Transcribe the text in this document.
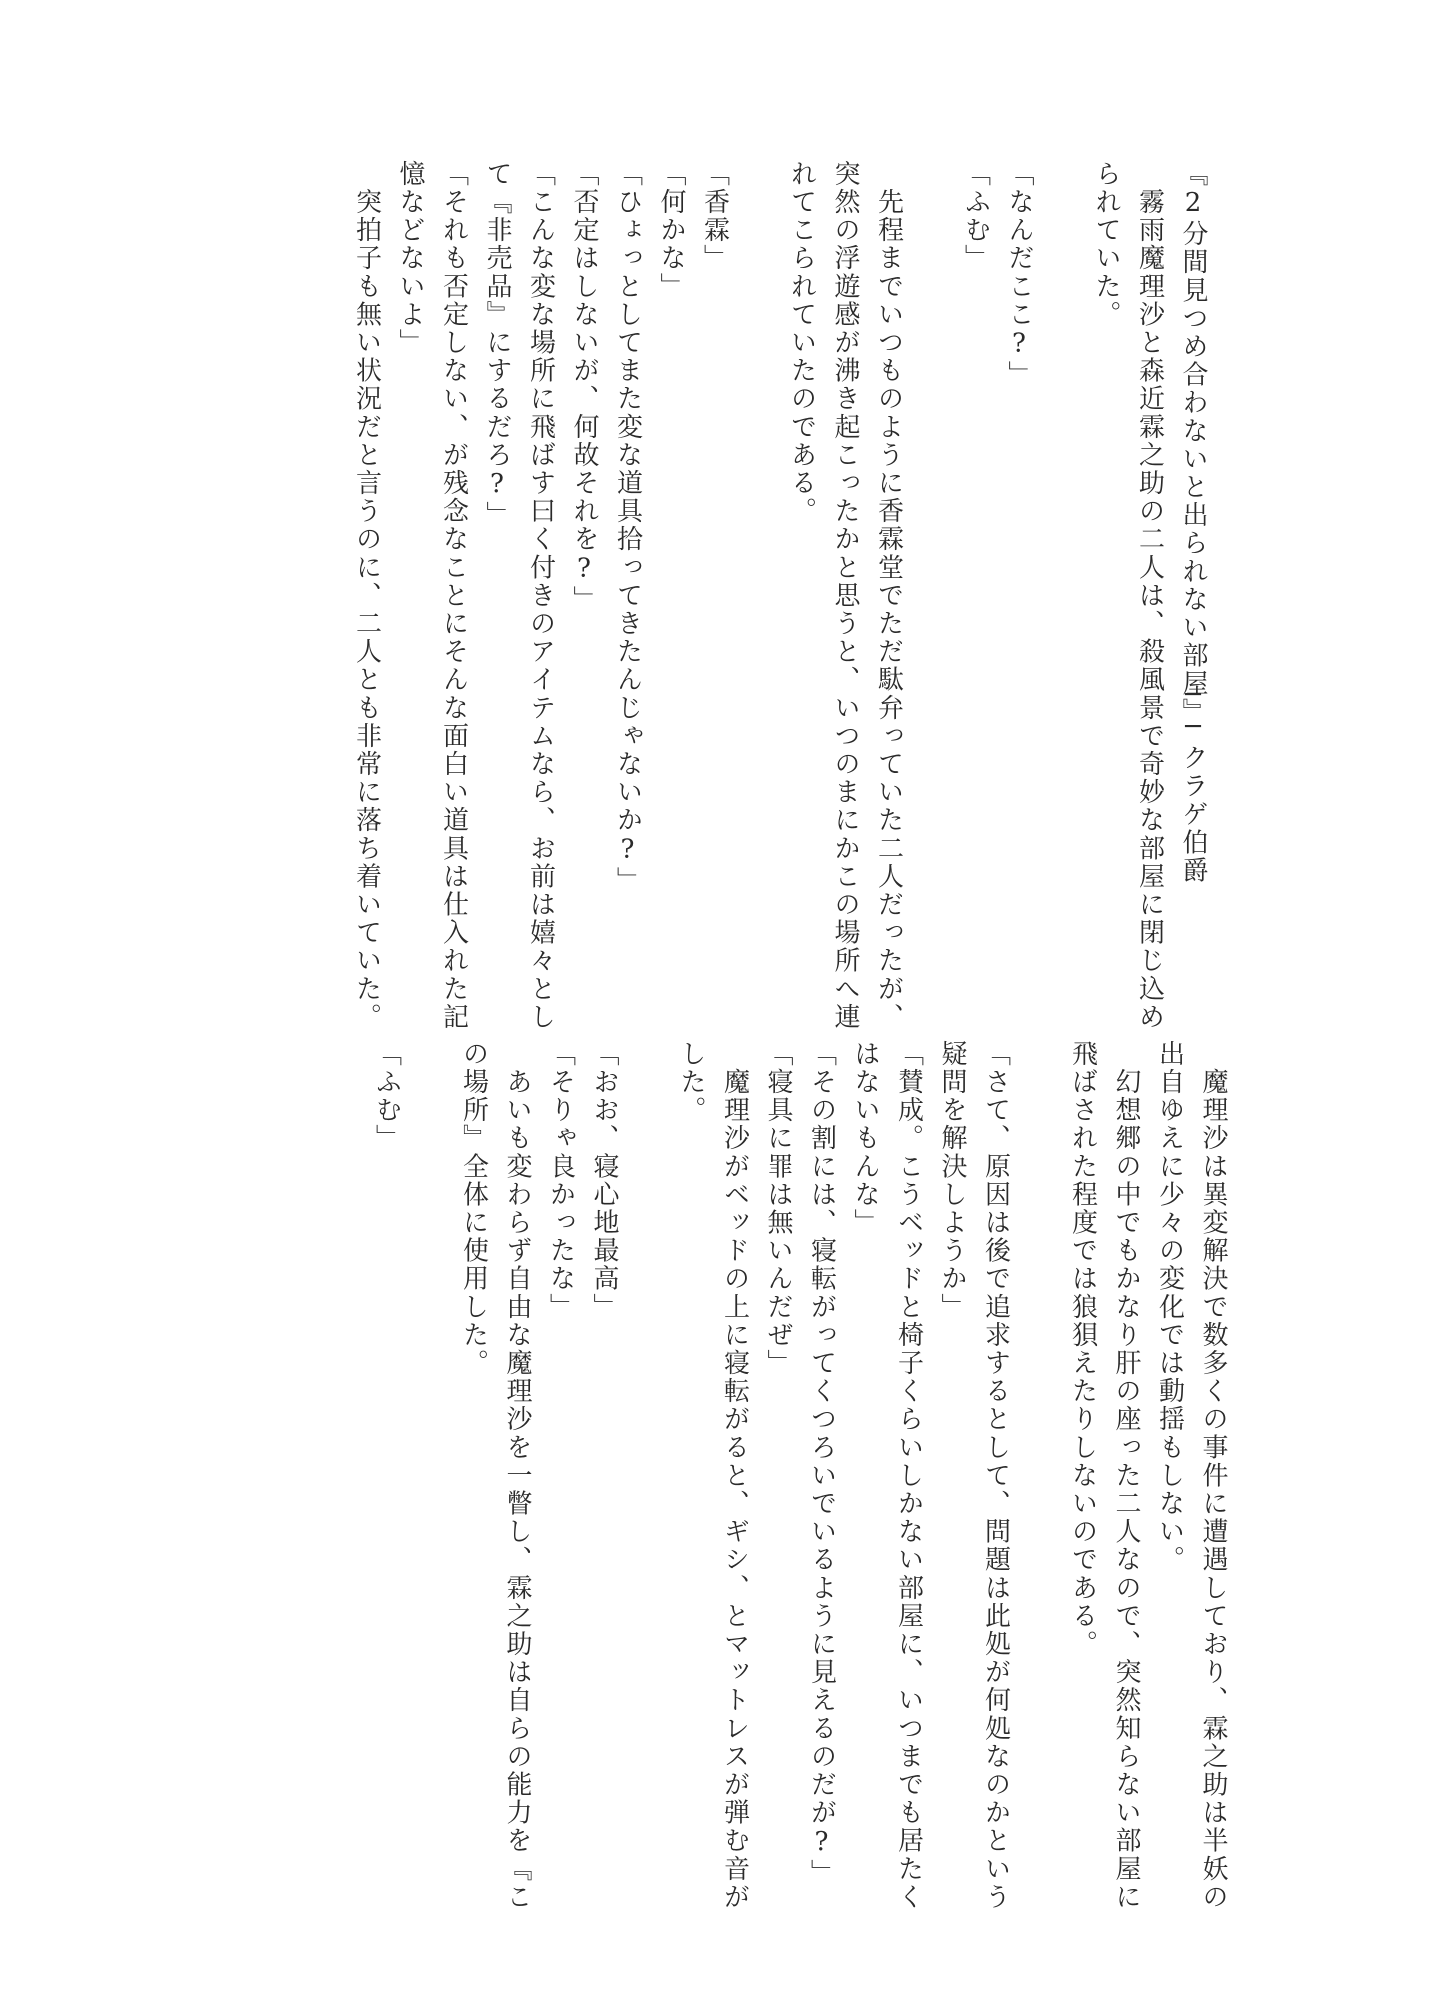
『2分間見つめ合わないと出られない部屋』
　霧雨魔理沙と森近霖之助の二人は、殺風景で奇妙な部屋に閉じ込め
られていた。

「なんだここ?」
「ふむ」

　先程までいつものように香霖堂でただ駄弁っていた二人だったが、
突然の浮遊感が沸き起こったかと思うと、いつのまにかこの場所へ連
れてこられていたのである。

「香霖」
「何かな」
「ひょっとしてまた変な道具拾ってきたんじゃないか?」
「否定はしないが、何故それを?」
「こんな変な場所に飛ばす曰く付きのアイテムなら、お前は嬉々とし
て『非売品』にするだろ?」
「それも否定しない、が残念なことにそんな面白い道具は仕入れた記
憶などないよ」
　突拍子も無い状況だと言うのに、二人とも非常に落ち着いていた。	──クラゲ伯爵
　魔理沙は異変解決で数多くの事件に遭遇しており、霖之助は半妖の
出自ゆえに少々の変化では動揺もしない。
　幻想郷の中でもかなり肝の座った二人なので、突然知らない部屋に
飛ばされた程度では狼狽えたりしないのである。

「さて、原因は後で追求するとして、問題は此処が何処なのかという
疑問を解決しようか」
「賛成。こうベッドと椅子くらいしかない部屋に、いつまでも居たく
はないもんな」
「その割には、寝転がってくつろいでいるように見えるのだが?」
「寝具に罪は無いんだぜ」
　魔理沙がベッドの上に寝転がると、ギシ、とマットレスが弾む音が
した。

「おお、寝心地最高」
「そりゃ良かったな」
　あいも変わらず自由な魔理沙を一瞥し、霖之助は自らの能力を『こ
の場所』全体に使用した。

「ふむ」
